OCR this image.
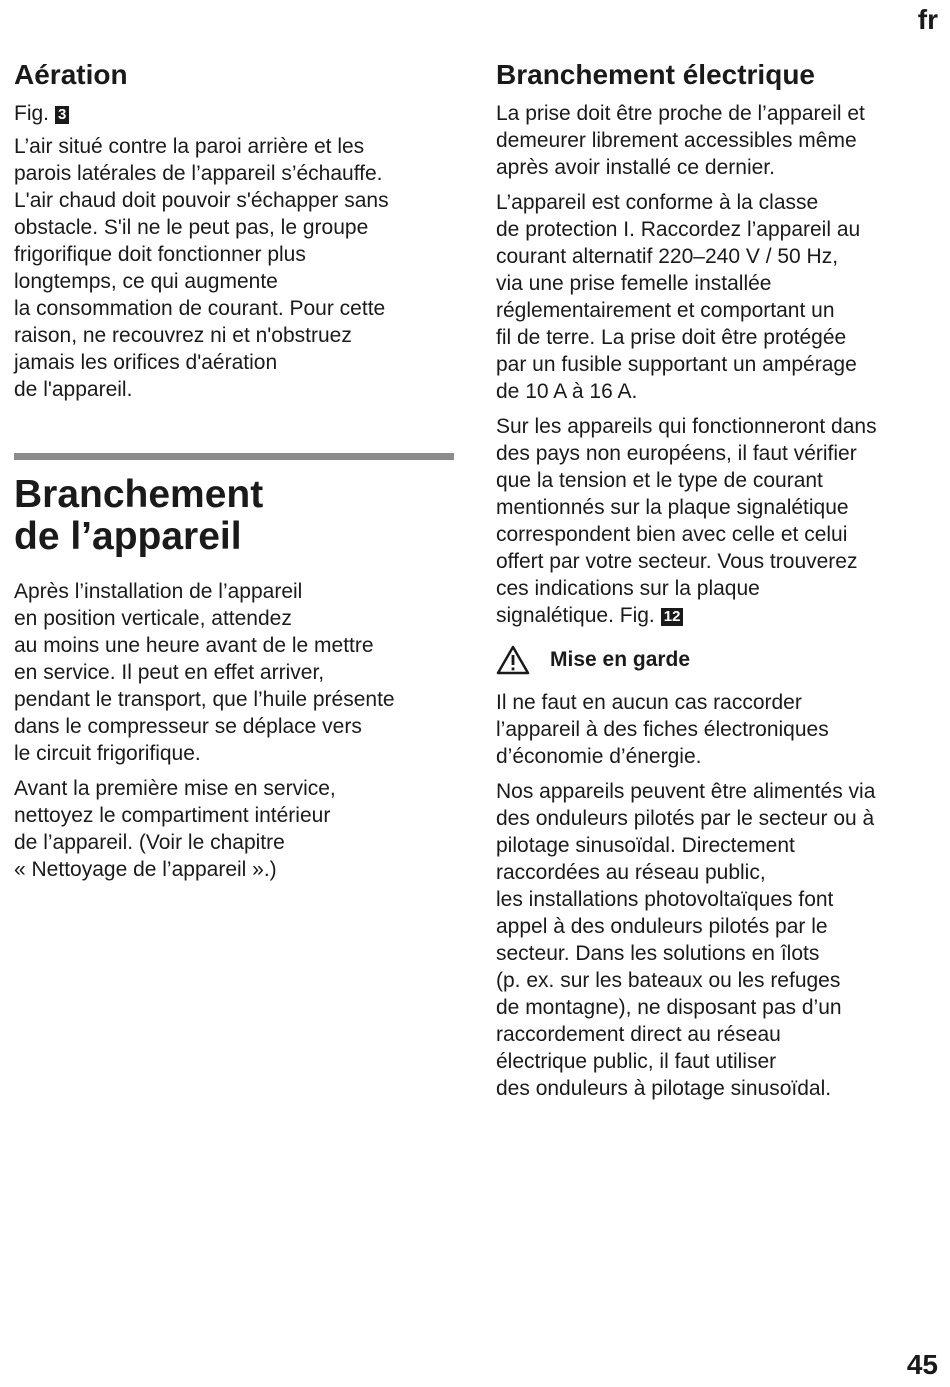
fr
Aération

Fig. 3

L’air situé contre la paroi arrière et les
parois latérales de l’appareil s’échauffe.
L'air chaud doit pouvoir s'échapper sans
obstacle. S'il ne le peut pas, le groupe
frigorifique doit fonctionner plus
longtemps, ce qui augmente
la consommation de courant. Pour cette
raison, ne recouvrez ni et n'obstruez
jamais les orifices d'aération
de l'appareil.

Branchement
de l’appareil

Après l’installation de l’appareil
en position verticale, attendez
au moins une heure avant de le mettre
en service. Il peut en effet arriver,
pendant le transport, que l’huile présente
dans le compresseur se déplace vers
le circuit frigorifique.

Avant la première mise en service,
nettoyez le compartiment intérieur
de l’appareil. (Voir le chapitre
« Nettoyage de l’appareil ».)

Branchement électrique

La prise doit être proche de l’appareil et
demeurer librement accessibles même
après avoir installé ce dernier.

L’appareil est conforme à la classe
de protection I. Raccordez l’appareil au
courant alternatif 220–240 V / 50 Hz,
via une prise femelle installée
réglementairement et comportant un
fil de terre. La prise doit être protégée
par un fusible supportant un ampérage
de 10 A à 16 A.

Sur les appareils qui fonctionneront dans
des pays non européens, il faut vérifier
que la tension et le type de courant
mentionnés sur la plaque signalétique
correspondent bien avec celle et celui
offert par votre secteur. Vous trouverez
ces indications sur la plaque
signalétique. Fig. 12

Mise en garde

Il ne faut en aucun cas raccorder
l’appareil à des fiches électroniques
d’économie d’énergie.

Nos appareils peuvent être alimentés via
des onduleurs pilotés par le secteur ou à
pilotage sinusoïdal. Directement
raccordées au réseau public,
les installations photovoltaïques font
appel à des onduleurs pilotés par le
secteur. Dans les solutions en îlots
(p. ex. sur les bateaux ou les refuges
de montagne), ne disposant pas d’un
raccordement direct au réseau
électrique public, il faut utiliser
des onduleurs à pilotage sinusoïdal.

45
